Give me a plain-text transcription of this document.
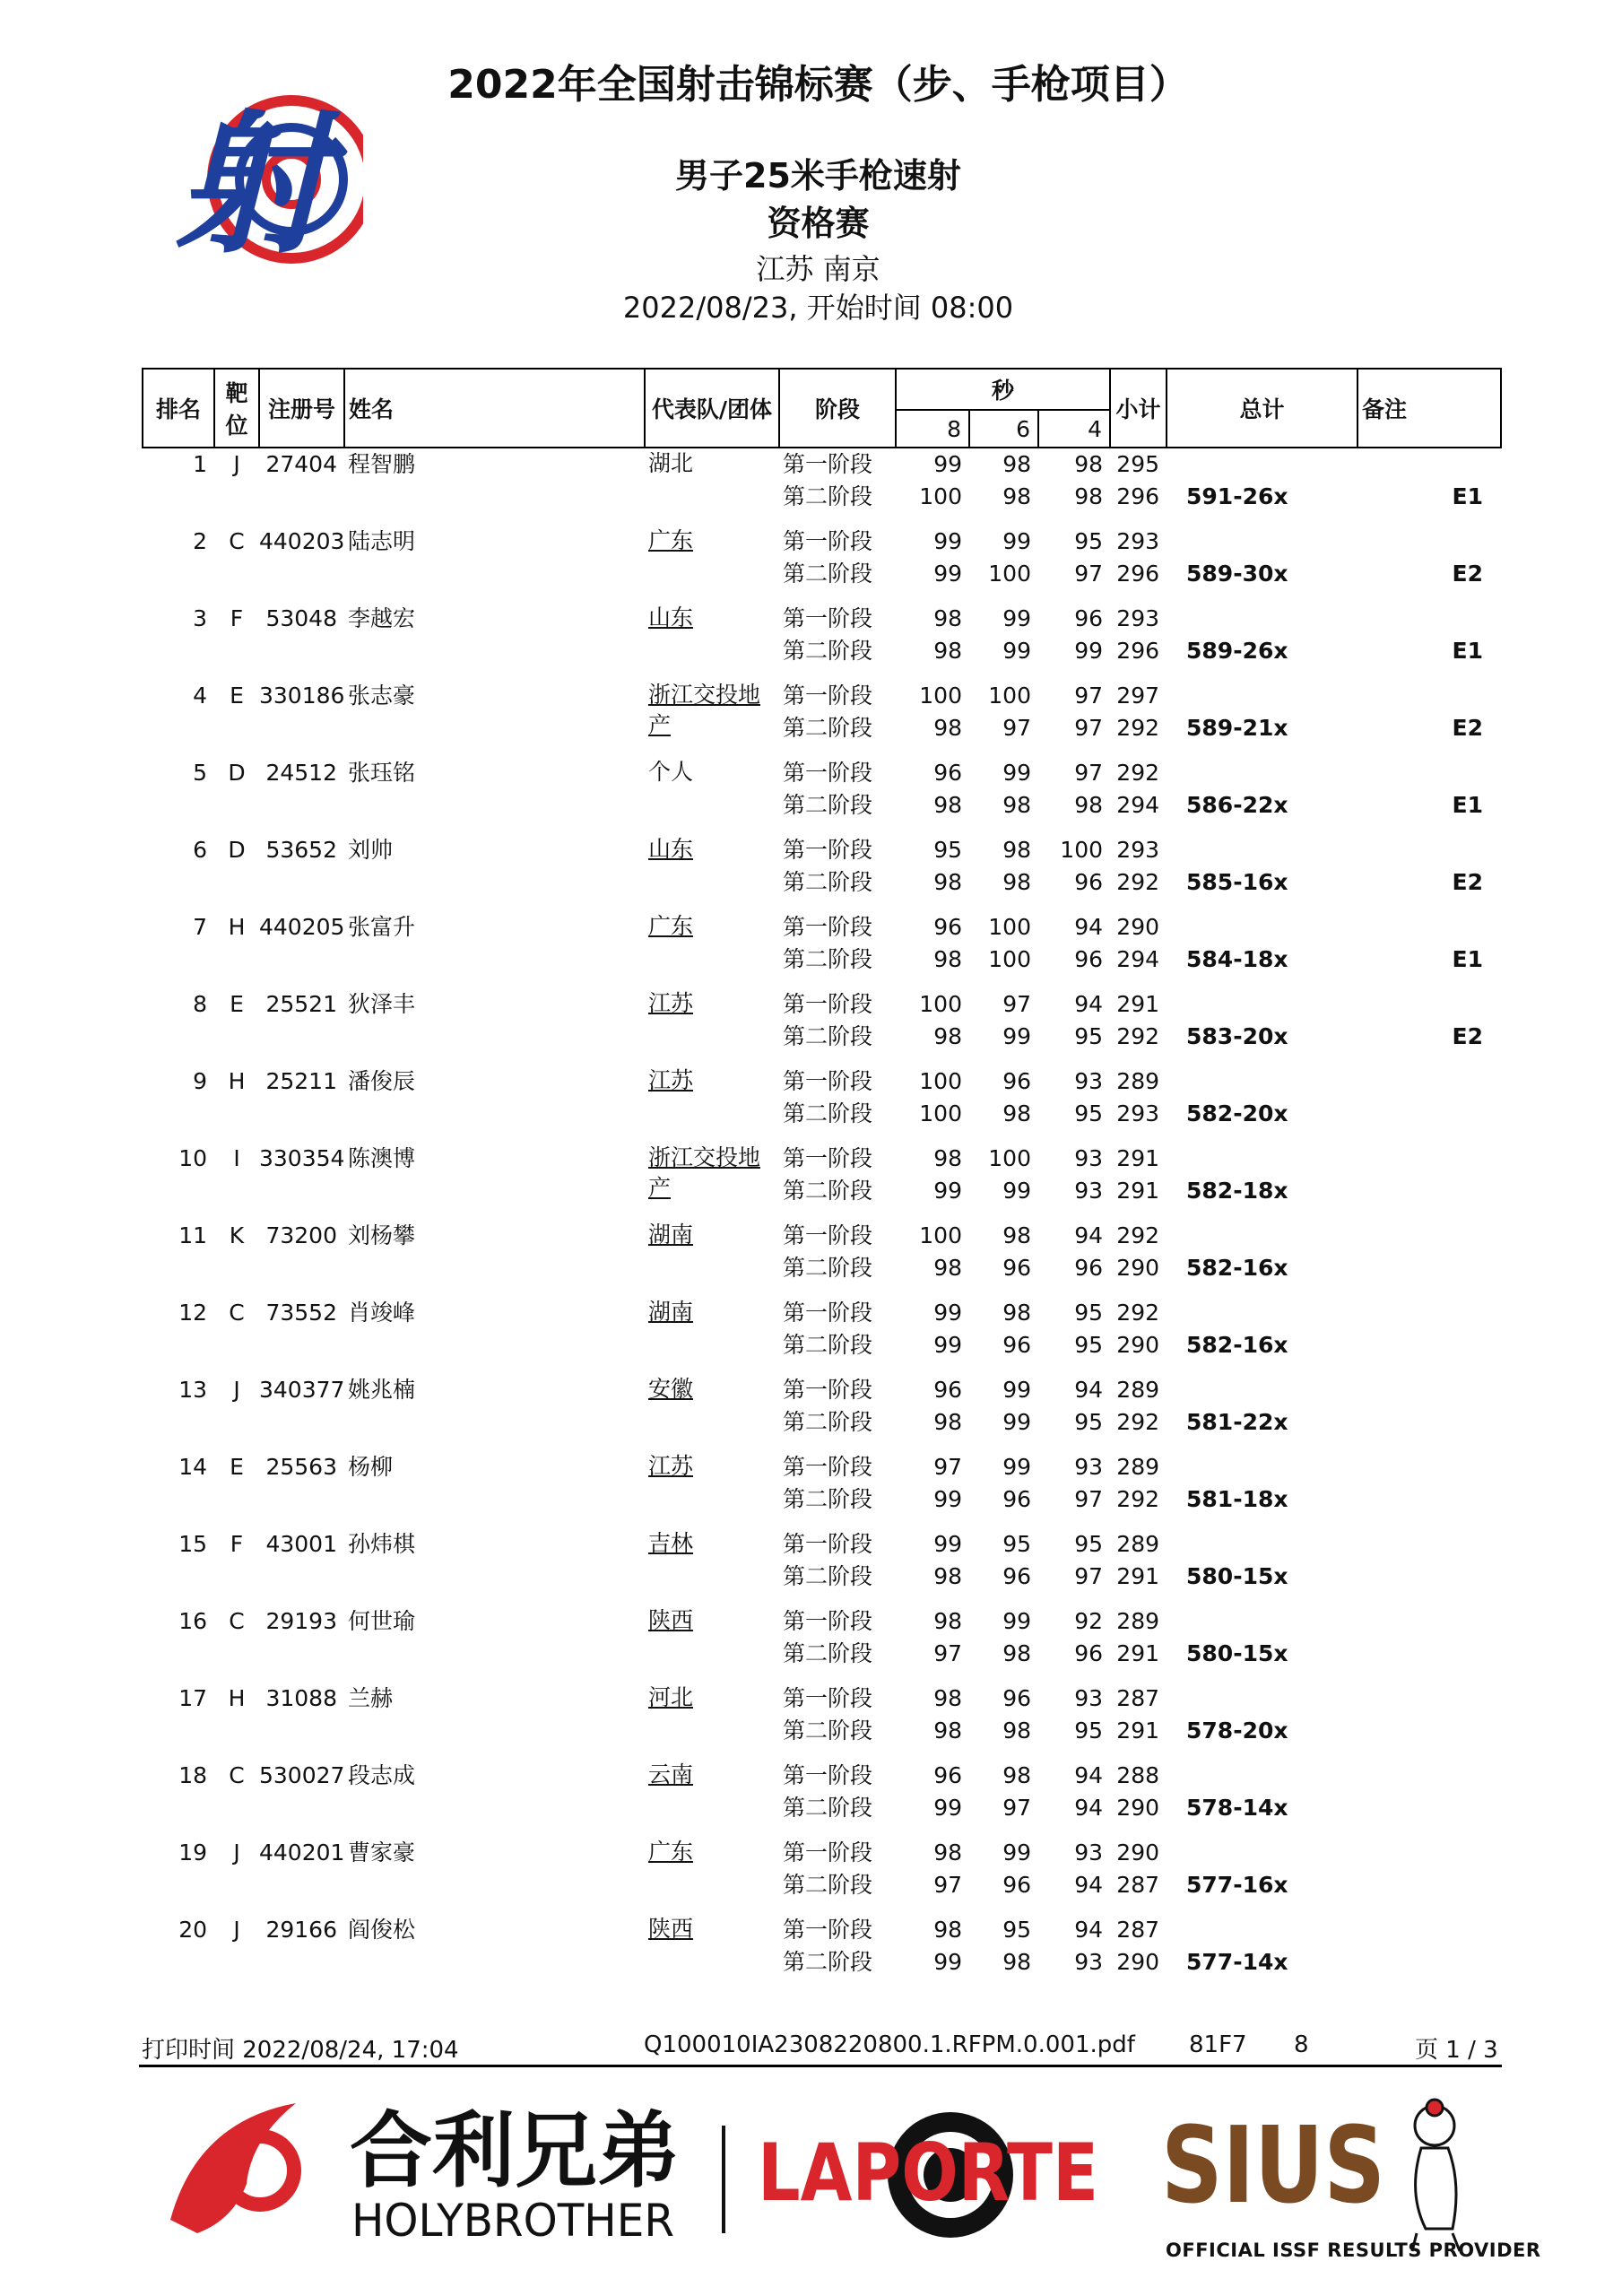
射
2022年全国射击锦标赛（步、手枪项目）
男子25米手枪速射
资格赛
江苏 南京
2022/08/23, 开始时间 08:00
排名	靶位	注册号	姓名	代表队/团体	阶段	秒			小计	总计	备注
						8	6	4			
1	J	27404	程智鹏	湖北	第一阶段	99	98	98	295		
					第二阶段	100	98	98	296	591-26x	E1

2	C	440203	陆志明	广东	第一阶段	99	99	95	293		
					第二阶段	99	100	97	296	589-30x	E2

3	F	53048	李越宏	山东	第一阶段	98	99	96	293		
					第二阶段	98	99	99	296	589-26x	E1

4	E	330186	张志豪	浙江交投地产	第一阶段	100	100	97	297		
					第二阶段	98	97	97	292	589-21x	E2

5	D	24512	张珏铭	个人	第一阶段	96	99	97	292		
					第二阶段	98	98	98	294	586-22x	E1

6	D	53652	刘帅	山东	第一阶段	95	98	100	293		
					第二阶段	98	98	96	292	585-16x	E2

7	H	440205	张富升	广东	第一阶段	96	100	94	290		
					第二阶段	98	100	96	294	584-18x	E1

8	E	25521	狄泽丰	江苏	第一阶段	100	97	94	291		
					第二阶段	98	99	95	292	583-20x	E2

9	H	25211	潘俊辰	江苏	第一阶段	100	96	93	289		
					第二阶段	100	98	95	293	582-20x	

10	I	330354	陈澳博	浙江交投地产	第一阶段	98	100	93	291		
					第二阶段	99	99	93	291	582-18x	

11	K	73200	刘杨攀	湖南	第一阶段	100	98	94	292		
					第二阶段	98	96	96	290	582-16x	

12	C	73552	肖竣峰	湖南	第一阶段	99	98	95	292		
					第二阶段	99	96	95	290	582-16x	

13	J	340377	姚兆楠	安徽	第一阶段	96	99	94	289		
					第二阶段	98	99	95	292	581-22x	

14	E	25563	杨柳	江苏	第一阶段	97	99	93	289		
					第二阶段	99	96	97	292	581-18x	

15	F	43001	孙炜棋	吉林	第一阶段	99	95	95	289		
					第二阶段	98	96	97	291	580-15x	

16	C	29193	何世瑜	陕西	第一阶段	98	99	92	289		
					第二阶段	97	98	96	291	580-15x	

17	H	31088	兰赫	河北	第一阶段	98	96	93	287		
					第二阶段	98	98	95	291	578-20x	

18	C	530027	段志成	云南	第一阶段	96	98	94	288		
					第二阶段	99	97	94	290	578-14x	

19	J	440201	曹家豪	广东	第一阶段	98	99	93	290		
					第二阶段	97	96	94	287	577-16x	

20	J	29166	阎俊松	陕西	第一阶段	98	95	94	287		
					第二阶段	99	98	93	290	577-14x	

打印时间 2022/08/24, 17:04	Q100010IA2308220800.1.RFPM.0.001.pdf 81F7 8	页 1 / 3
合利兄弟
HOLYBROTHER
LAPORTE SIUS
OFFICIAL ISSF RESULTS PROVIDER
